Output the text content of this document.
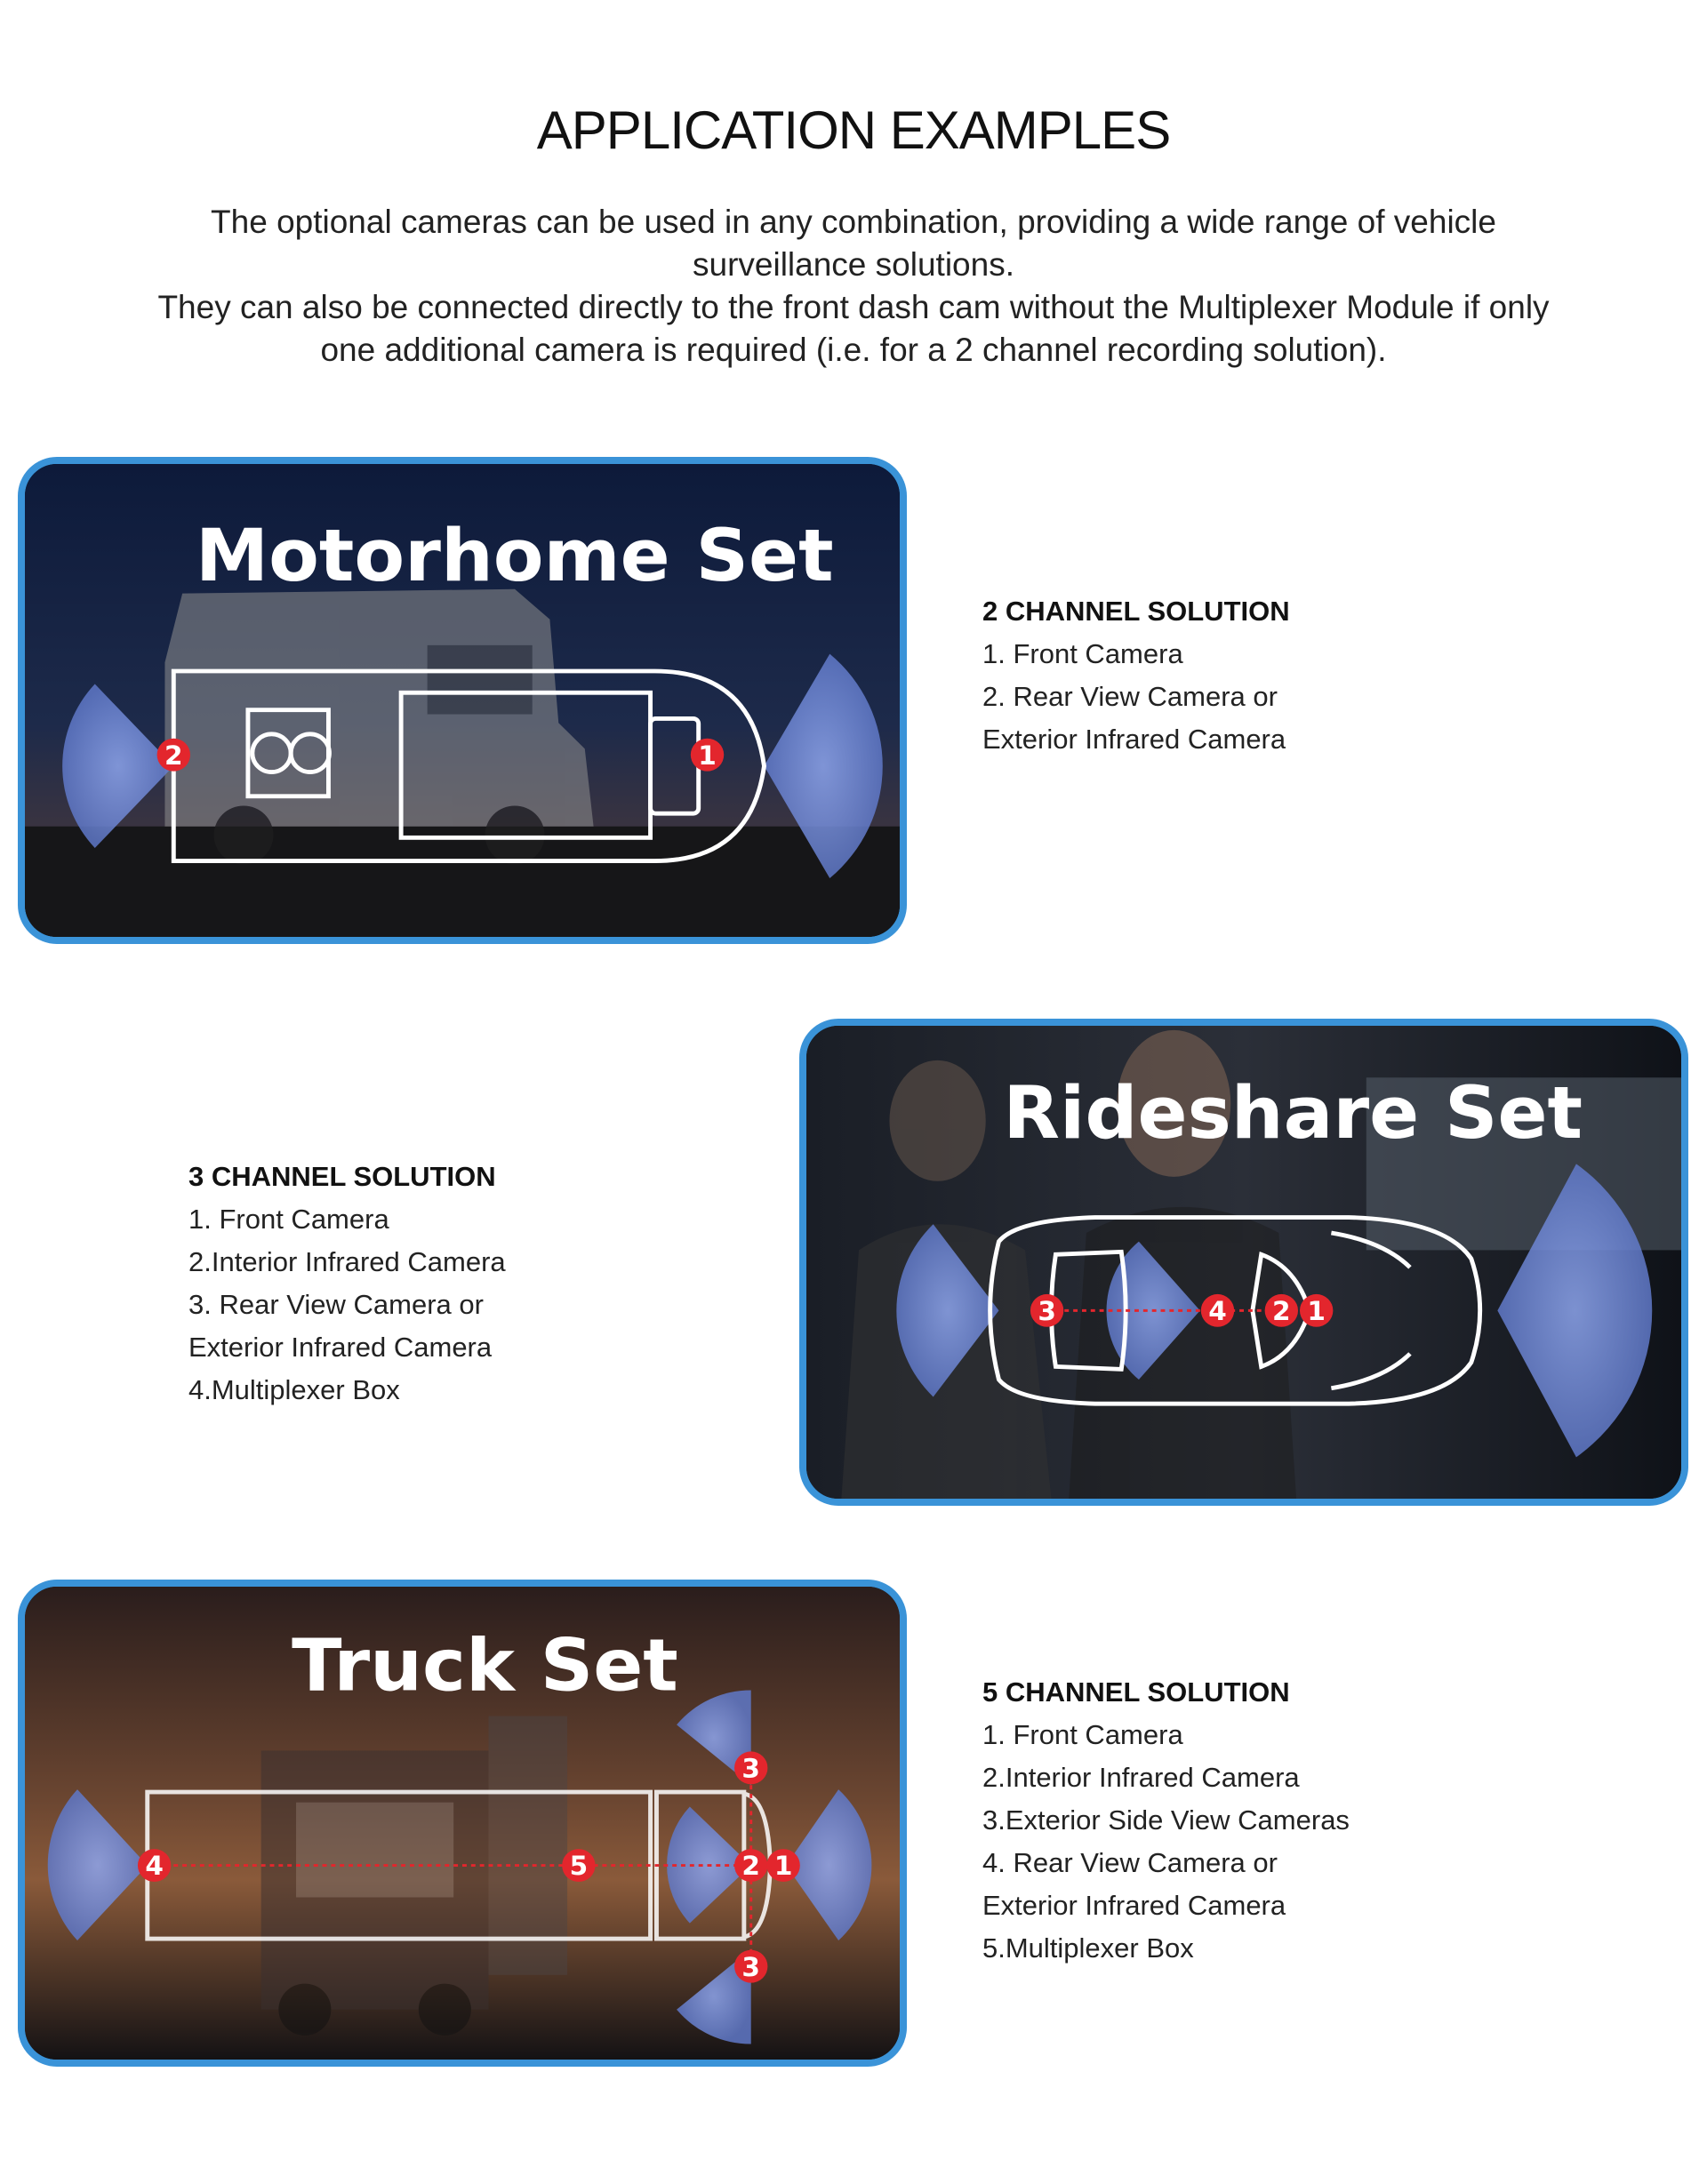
APPLICATION EXAMPLES

The optional cameras can be used in any combination, providing a wide range of vehicle

surveillance solutions.

They can also be connected directly to the front dash cam without the Multiplexer Module if only

one additional camera is required (i.e. for a 2 channel recording solution).

Motorhome Set
2	1
2 CHANNEL SOLUTION
1. Front Camera
2. Rear View Camera or
Exterior Infrared Camera
Rideshare Set
3	4 2 1
3 CHANNEL SOLUTION
1. Front Camera
2.Interior Infrared Camera
3. Rear View Camera or
Exterior Infrared Camera
4.Multiplexer Box
Truck Set
3
4	5	2 1
3
5 CHANNEL SOLUTION
1. Front Camera
2.Interior Infrared Camera
3.Exterior Side View Cameras
4. Rear View Camera or
Exterior Infrared Camera
5.Multiplexer Box
